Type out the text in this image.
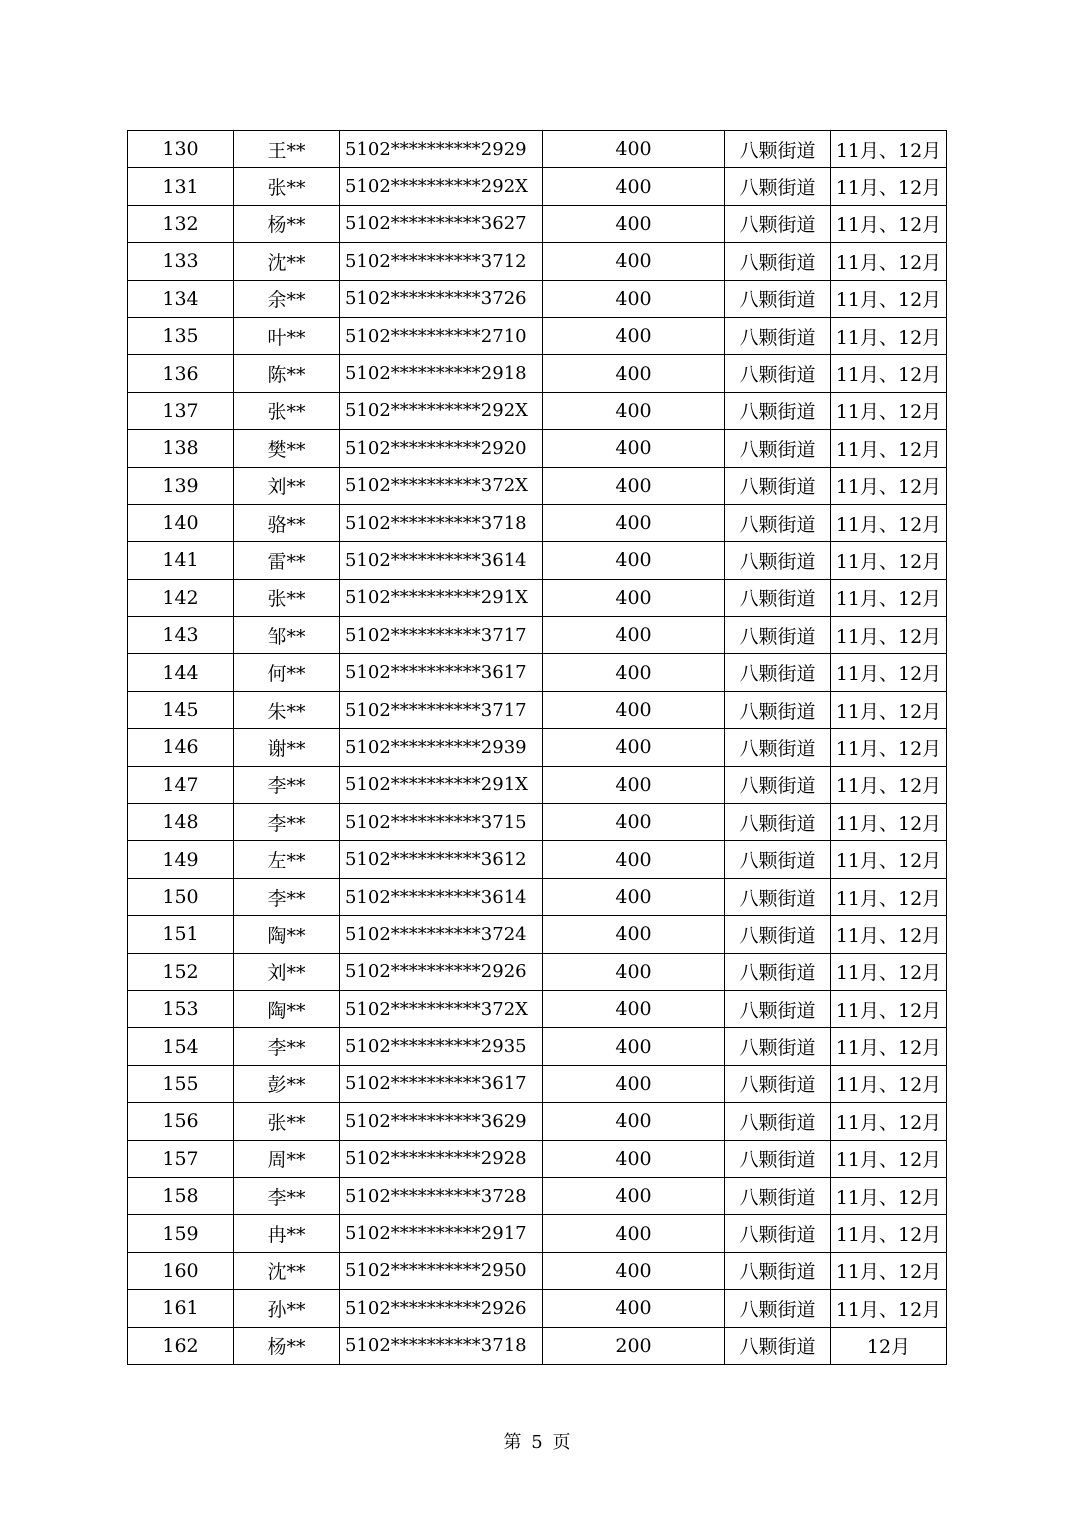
130	王**	5102**********2929	400	八颗街道	11月、12月
131	张**	5102**********292X	400	八颗街道	11月、12月
132	杨**	5102**********3627	400	八颗街道	11月、12月
133	沈**	5102**********3712	400	八颗街道	11月、12月
134	余**	5102**********3726	400	八颗街道	11月、12月
135	叶**	5102**********2710	400	八颗街道	11月、12月
136	陈**	5102**********2918	400	八颗街道	11月、12月
137	张**	5102**********292X	400	八颗街道	11月、12月
138	樊**	5102**********2920	400	八颗街道	11月、12月
139	刘**	5102**********372X	400	八颗街道	11月、12月
140	骆**	5102**********3718	400	八颗街道	11月、12月
141	雷**	5102**********3614	400	八颗街道	11月、12月
142	张**	5102**********291X	400	八颗街道	11月、12月
143	邹**	5102**********3717	400	八颗街道	11月、12月
144	何**	5102**********3617	400	八颗街道	11月、12月
145	朱**	5102**********3717	400	八颗街道	11月、12月
146	谢**	5102**********2939	400	八颗街道	11月、12月
147	李**	5102**********291X	400	八颗街道	11月、12月
148	李**	5102**********3715	400	八颗街道	11月、12月
149	左**	5102**********3612	400	八颗街道	11月、12月
150	李**	5102**********3614	400	八颗街道	11月、12月
151	陶**	5102**********3724	400	八颗街道	11月、12月
152	刘**	5102**********2926	400	八颗街道	11月、12月
153	陶**	5102**********372X	400	八颗街道	11月、12月
154	李**	5102**********2935	400	八颗街道	11月、12月
155	彭**	5102**********3617	400	八颗街道	11月、12月
156	张**	5102**********3629	400	八颗街道	11月、12月
157	周**	5102**********2928	400	八颗街道	11月、12月
158	李**	5102**********3728	400	八颗街道	11月、12月
159	冉**	5102**********2917	400	八颗街道	11月、12月
160	沈**	5102**********2950	400	八颗街道	11月、12月
161	孙**	5102**********2926	400	八颗街道	11月、12月
162	杨**	5102**********3718	200	八颗街道	12月
第 5 页
